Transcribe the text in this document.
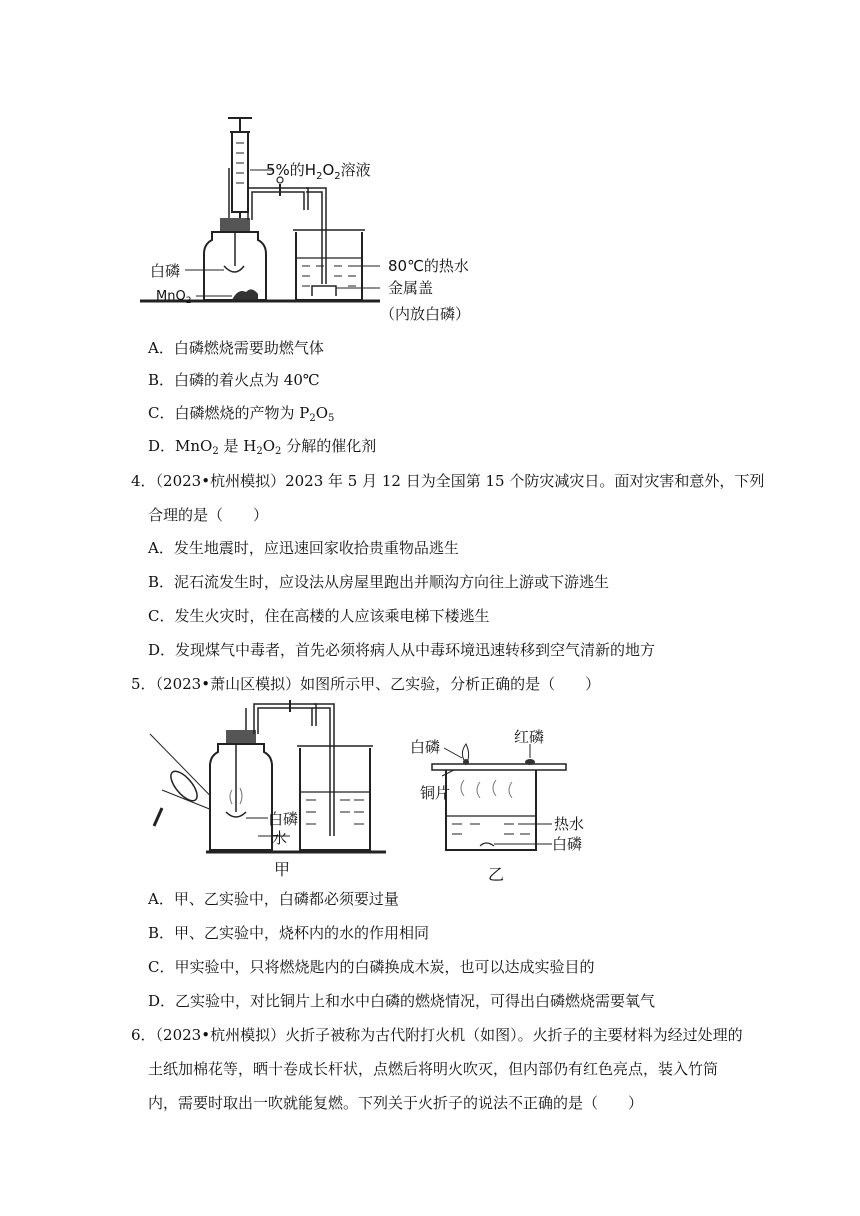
5%的$H_2O_2$溶液
白磷
MnO$_2$
80℃的热水
金属盖
（内放白磷）
A．白磷燃烧需要助燃气体
B．白磷的着火点为 40℃
C．白磷燃烧的产物为 $P_2O_5$
D．MnO$_2$ 是 $H_2O_2$ 分解的催化剂
4．（2023•杭州模拟）2023 年 5 月 12 日为全国第 15 个防灾减灾日。面对灾害和意外，下列
合理的是（　　）
A．发生地震时，应迅速回家收拾贵重物品逃生
B．泥石流发生时，应设法从房屋里跑出并顺沟方向往上游或下游逃生
C．发生火灾时，住在高楼的人应该乘电梯下楼逃生
D．发现煤气中毒者，首先必须将病人从中毒环境迅速转移到空气清新的地方
5．（2023•萧山区模拟）如图所示甲、乙实验，分析正确的是（　　）
白磷
水
甲
红磷
白磷
铜片
热水
白磷
乙
A．甲、乙实验中，白磷都必须要过量
B．甲、乙实验中，烧杯内的水的作用相同
C．甲实验中，只将燃烧匙内的白磷换成木炭，也可以达成实验目的
D．乙实验中，对比铜片上和水中白磷的燃烧情况，可得出白磷燃烧需要氧气
6．（2023•杭州模拟）火折子被称为古代附打火机（如图）。火折子的主要材料为经过处理的
土纸加棉花等，晒十卷成长杆状，点燃后将明火吹灭，但内部仍有红色亮点，装入竹筒
内，需要时取出一吹就能复燃。下列关于火折子的说法不正确的是（　　）
